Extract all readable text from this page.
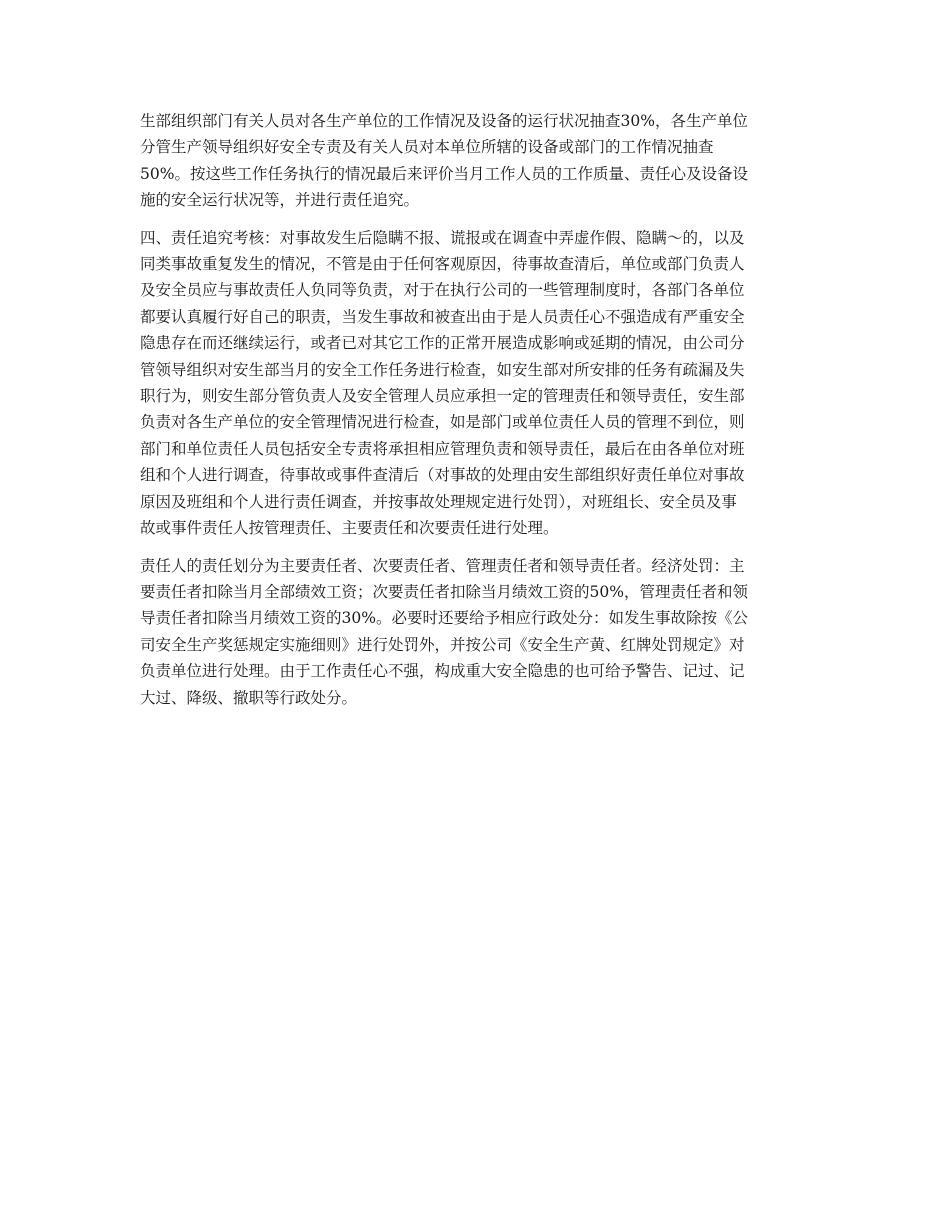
生部组织部门有关人员对各生产单位的工作情况及设备的运行状况抽查30%，各生产单位
分管生产领导组织好安全专责及有关人员对本单位所辖的设备或部门的工作情况抽查
50%。按这些工作任务执行的情况最后来评价当月工作人员的工作质量、责任心及设备设
施的安全运行状况等，并进行责任追究。

四、责任追究考核：对事故发生后隐瞒不报、谎报或在调查中弄虚作假、隐瞒～的，以及
同类事故重复发生的情况，不管是由于任何客观原因，待事故查清后，单位或部门负责人
及安全员应与事故责任人负同等负责，对于在执行公司的一些管理制度时，各部门各单位
都要认真履行好自己的职责，当发生事故和被查出由于是人员责任心不强造成有严重安全
隐患存在而还继续运行，或者已对其它工作的正常开展造成影响或延期的情况，由公司分
管领导组织对安生部当月的安全工作任务进行检查，如安生部对所安排的任务有疏漏及失
职行为，则安生部分管负责人及安全管理人员应承担一定的管理责任和领导责任，安生部
负责对各生产单位的安全管理情况进行检查，如是部门或单位责任人员的管理不到位，则
部门和单位责任人员包括安全专责将承担相应管理负责和领导责任，最后在由各单位对班
组和个人进行调查，待事故或事件查清后（对事故的处理由安生部组织好责任单位对事故
原因及班组和个人进行责任调查，并按事故处理规定进行处罚），对班组长、安全员及事
故或事件责任人按管理责任、主要责任和次要责任进行处理。

责任人的责任划分为主要责任者、次要责任者、管理责任者和领导责任者。经济处罚：主
要责任者扣除当月全部绩效工资；次要责任者扣除当月绩效工资的50%，管理责任者和领
导责任者扣除当月绩效工资的30%。必要时还要给予相应行政处分：如发生事故除按《公
司安全生产奖惩规定实施细则》进行处罚外，并按公司《安全生产黄、红牌处罚规定》对
负责单位进行处理。由于工作责任心不强，构成重大安全隐患的也可给予警告、记过、记
大过、降级、撤职等行政处分。
